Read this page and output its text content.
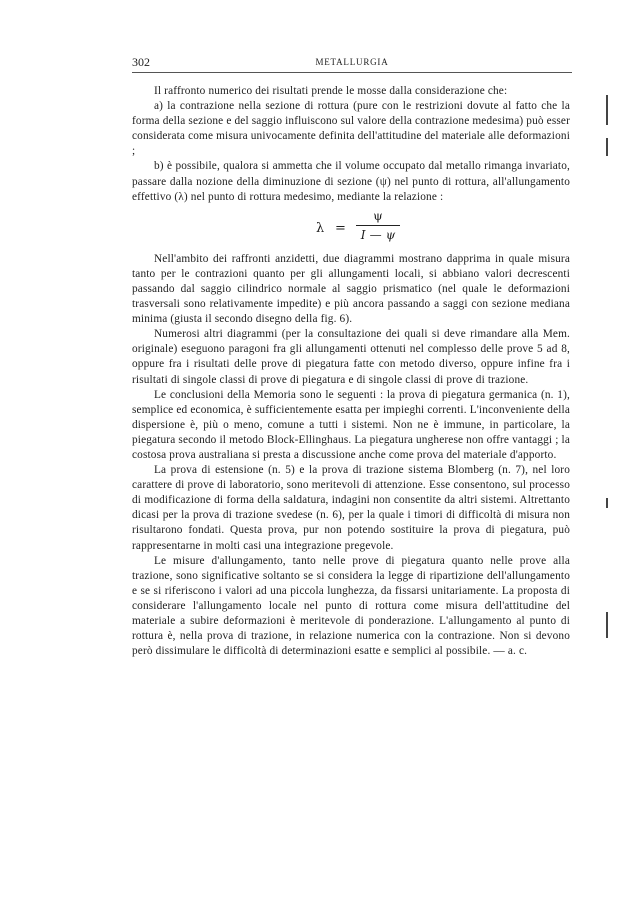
302	METALLURGIA

Il raffronto numerico dei risultati prende le mosse dalla considerazione che:

a) la contrazione nella sezione di rottura (pure con le restrizioni dovute al fatto che la forma della sezione e del saggio influiscono sul valore della contrazione medesima) può esser considerata come misura univocamente definita dell'attitudine del materiale alle deformazioni ;

b) è possibile, qualora si ammetta che il volume occupato dal metallo rimanga invariato, passare dalla nozione della diminuzione di sezione (ψ) nel punto di rottura, all'allungamento effettivo (λ) nel punto di rottura medesimo, mediante la relazione :

λ =
ψ
I — ψ

Nell'ambito dei raffronti anzidetti, due diagrammi mostrano dapprima in quale misura tanto per le contrazioni quanto per gli allungamenti locali, si abbiano valori decrescenti passando dal saggio cilindrico normale al saggio prismatico (nel quale le deformazioni trasversali sono relativamente impedite) e più ancora passando a saggi con sezione mediana minima (giusta il secondo disegno della fig. 6).

Numerosi altri diagrammi (per la consultazione dei quali si deve rimandare alla Mem. originale) eseguono paragoni fra gli allungamenti ottenuti nel complesso delle prove 5 ad 8, oppure fra i risultati delle prove di piegatura fatte con metodo diverso, oppure infine fra i risultati di singole classi di prove di piegatura e di singole classi di prove di trazione.

Le conclusioni della Memoria sono le seguenti : la prova di piegatura germanica (n. 1), semplice ed economica, è sufficientemente esatta per impieghi correnti. L'inconveniente della dispersione è, più o meno, comune a tutti i sistemi. Non ne è immune, in particolare, la piegatura secondo il metodo Block-Ellinghaus. La piegatura ungherese non offre vantaggi ; la costosa prova australiana si presta a discussione anche come prova del materiale d'apporto.

La prova di estensione (n. 5) e la prova di trazione sistema Blomberg (n. 7), nel loro carattere di prove di laboratorio, sono meritevoli di attenzione. Esse consentono, sul processo di modificazione di forma della saldatura, indagini non consentite da altri sistemi. Altrettanto dicasi per la prova di trazione svedese (n. 6), per la quale i timori di difficoltà di misura non risultarono fondati. Questa prova, pur non potendo sostituire la prova di piegatura, può rappresentarne in molti casi una integrazione pregevole.

Le misure d'allungamento, tanto nelle prove di piegatura quanto nelle prove alla trazione, sono significative soltanto se si considera la legge di ripartizione dell'allungamento e se si riferiscono i valori ad una piccola lunghezza, da fissarsi unitariamente. La proposta di considerare l'allungamento locale nel punto di rottura come misura dell'attitudine del materiale a subire deformazioni è meritevole di ponderazione. L'allungamento al punto di rottura è, nella prova di trazione, in relazione numerica con la contrazione. Non si devono però dissimulare le difficoltà di determinazioni esatte e semplici al possibile. — a. c.
